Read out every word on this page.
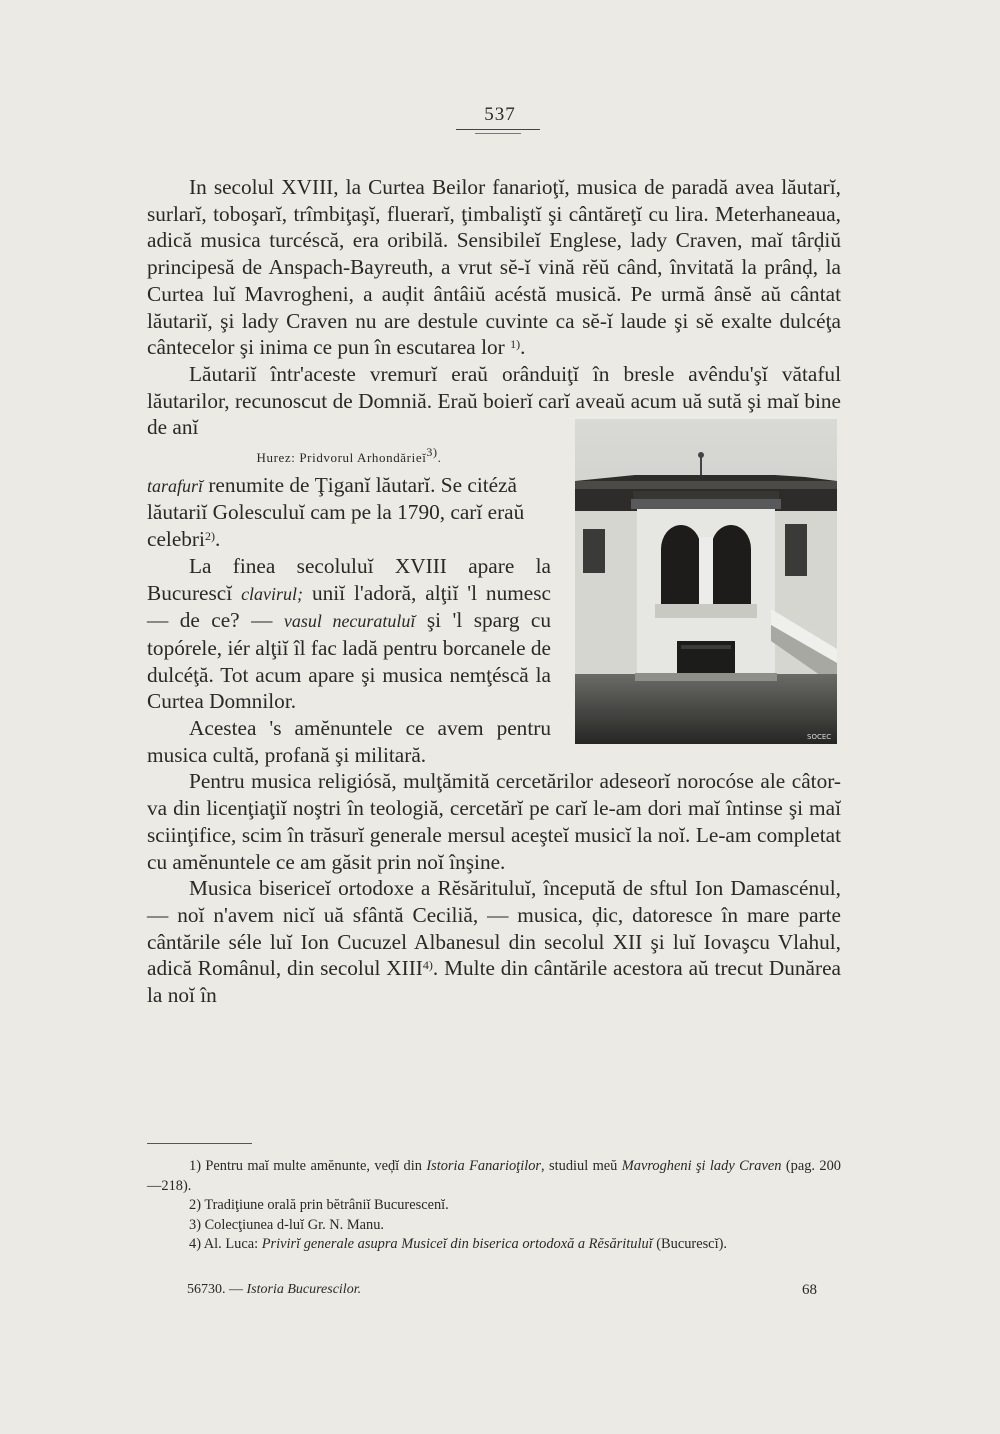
537

In secolul XVIII, la Curtea Beilor fanarioţĭ, musica de paradă avea lăutarĭ, surlarĭ, toboşarĭ, trîmbiţaşĭ, fluerarĭ, ţimbaliştĭ şi cântăreţĭ cu lira. Meterhaneaua, adică musica turcéscă, era oribilă. Sensibileĭ Englese, lady Craven, maĭ târḑiŭ principesă de Anspach-Bayreuth, a vrut sĕ-ĭ vină rĕŭ când, învitată la prânḑ, la Curtea luĭ Mavrogheni, a auḑit ântâiŭ acéstă musică. Pe urmă ânsĕ aŭ cântat lăutariĭ, şi lady Craven nu are destule cuvinte ca sĕ-ĭ laude şi sĕ exalte dulcéţa cântecelor şi inima ce pun în escutarea lor $^{1)}$.

Lăutariĭ într'aceste vremurĭ eraŭ orânduiţĭ în bresle avêndu'şĭ vătaful lăutarilor, recunoscut de Domniă. Eraŭ boierĭ carĭ aveaŭ acum uă sută şi maĭ bine de anĭ
SOCEC

Hurez: Pridvorul Arhondărieĭ$^{3)}$.
tarafurĭ renumite de Ţiganĭ lăutarĭ. Se citéză lăutariĭ Golesculuĭ cam pe la 1790, carĭ eraŭ celebri$^{2)}$.

La finea secoluluĭ XVIII apare la Bucurescĭ clavirul; uniĭ l'adoră, alţiĭ 'l numesc — de ce? — vasul necuratuluĭ şi 'l sparg cu topórele, iér alţiĭ îl fac ladă pentru borcanele de dulcéţă. Tot acum apare şi musica nemţéscă la Curtea Domnilor.

Acestea 's amĕnuntele ce avem pentru musica cultă, profană şi militară.

Pentru musica religiósă, mulţămită cercetărilor adeseorĭ norocóse ale câtor-va din licenţiaţiĭ noştri în teologiă, cercetărĭ pe carĭ le-am dori maĭ întinse şi maĭ sciinţifice, scim în trăsurĭ generale mersul aceşteĭ musicĭ la noĭ. Le-am completat cu amĕnuntele ce am găsit prin noĭ înşine.

Musica bisericeĭ ortodoxe a Rĕsărituluĭ, începută de sftul Ion Damascénul, — noĭ n'avem nicĭ uă sfântă Ceciliă, — musica, ḑic, datoresce în mare parte cântările séle luĭ Ion Cucuzel Albanesul din secolul XII şi luĭ Iovaşcu Vlahul, adică Românul, din secolul XIII$^{4)}$. Multe din cântările acestora aŭ trecut Dunărea la noĭ în

1) Pentru maĭ multe amĕnunte, veḑĭ din Istoria Fanarioţilor, studiul meŭ Mavrogheni şi lady Craven (pag. 200—218).
2) Tradiţiune orală prin bĕtrâniĭ Bucurescenĭ.
3) Colecţiunea d-luĭ Gr. N. Manu.
4) Al. Luca: Privirĭ generale asupra Musiceĭ din biserica ortodoxă a Rĕsărituluĭ (Bucurescĭ).
56730. — Istoria Bucurescilor.	68
